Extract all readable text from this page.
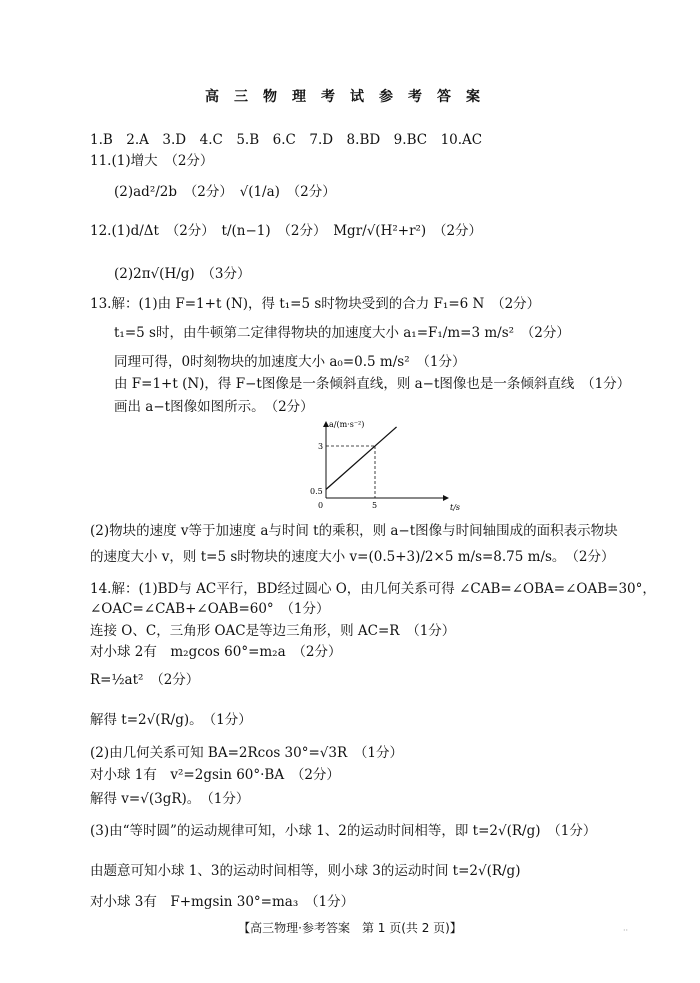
高三物理考试参考答案
1.B　2.A　3.D　4.C　5.B　6.C　7.D　8.BD　9.BC　10.AC
11.(1)增大　（2分）
(2)ad²/2b　（2分）　√(1/a)　（2分）
12.(1)d/Δt　（2分）　t/(n−1)　（2分）　Mgr/√(H²+r²)　（2分）
(2)2π√(H/g)　（3分）
13.解：(1)由 F=1+t (N)，得 t₁=5 s时物块受到的合力 F₁=6 N　（2分）
t₁=5 s时，由牛顿第二定律得物块的加速度大小 a₁=F₁/m=3 m/s²　（2分）
同理可得，0时刻物块的加速度大小 a₀=0.5 m/s²　（1分）
由 F=1+t (N)，得 F−t图像是一条倾斜直线，则 a−t图像也是一条倾斜直线　（1分）
画出 a−t图像如图所示。　（2分）
a/(m·s⁻²)
t/s
3
0.5
0	5
(2)物块的速度 v等于加速度 a与时间 t的乘积，则 a−t图像与时间轴围成的面积表示物块
的速度大小 v，则 t=5 s时物块的速度大小 v=(0.5+3)/2×5 m/s=8.75 m/s。　（2分）
14.解：(1)BD与 AC平行，BD经过圆心 O，由几何关系可得 ∠CAB=∠OBA=∠OAB=30°，
∠OAC=∠CAB+∠OAB=60°　（1分）
连接 O、C，三角形 OAC是等边三角形，则 AC=R　（1分）
对小球 2有　m₂gcos 60°=m₂a　（2分）
R=½at²　（2分）
解得 t=2√(R/g)。　（1分）
(2)由几何关系可知 BA=2Rcos 30°=√3R　（1分）
对小球 1有　v²=2gsin 60°·BA　（2分）
解得 v=√(3gR)。　（1分）
(3)由“等时圆”的运动规律可知，小球 1、2的运动时间相等，即 t=2√(R/g)　（1分）
由题意可知小球 1、3的运动时间相等，则小球 3的运动时间 t=2√(R/g)
对小球 3有　F+mgsin 30°=ma₃　（1分）
【高三物理·参考答案　第 1 页(共 2 页)】	··
